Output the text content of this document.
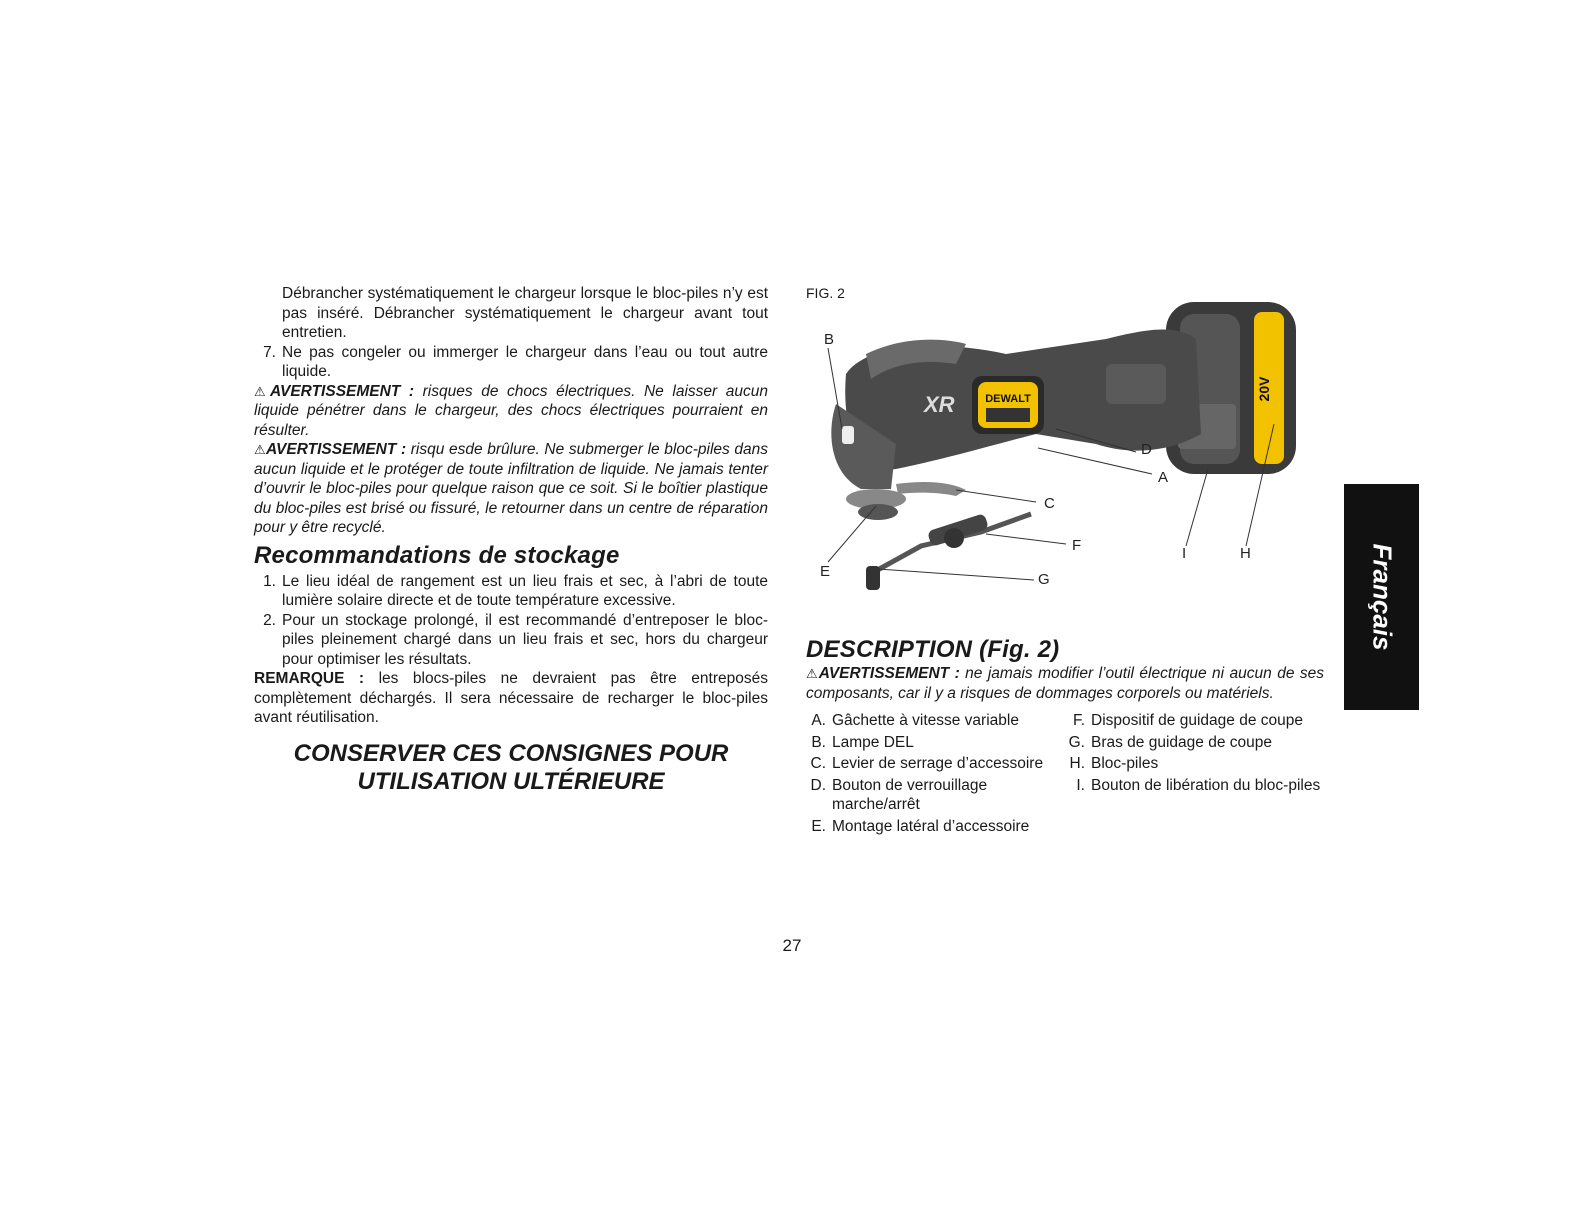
Débrancher systématiquement le chargeur lorsque le bloc-piles n’y est pas inséré. Débrancher systématiquement le chargeur avant tout entretien.

7. Ne pas congeler ou immerger le chargeur dans l’eau ou tout autre liquide.

⚠AVERTISSEMENT : risques de chocs électriques. Ne laisser aucun liquide pénétrer dans le chargeur, des chocs électriques pourraient en résulter.

⚠AVERTISSEMENT : risqu esde brûlure. Ne submerger le bloc-piles dans aucun liquide et le protéger de toute infiltration de liquide. Ne jamais tenter d’ouvrir le bloc-piles pour quelque raison que ce soit. Si le boîtier plastique du bloc-piles est brisé ou fissuré, le retourner dans un centre de réparation pour y être recyclé.

Recommandations de stockage
1. Le lieu idéal de rangement est un lieu frais et sec, à l’abri de toute lumière solaire directe et de toute température excessive.
2. Pour un stockage prolongé, il est recommandé d’entreposer le bloc-piles pleinement chargé dans un lieu frais et sec, hors du chargeur pour optimiser les résultats.

REMARQUE : les blocs-piles ne devraient pas être entreposés complètement déchargés. Il sera nécessaire de recharger le bloc-piles avant réutilisation.

CONSERVER CES CONSIGNES POUR
UTILISATION ULTÉRIEURE
FIG. 2
20V
DEWALT
XR
B
D
A
C
F
E	G
I	H
DESCRIPTION (Fig. 2)

⚠AVERTISSEMENT : ne jamais modifier l’outil électrique ni aucun de ses composants, car il y a risques de dommages corporels ou matériels.

A. Gâchette à vitesse variable
B. Lampe DEL
C. Levier de serrage d’accessoire
D. Bouton de verrouillage marche/arrêt
E. Montage latéral d’accessoire
F. Dispositif de guidage de coupe
G. Bras de guidage de coupe
H. Bloc-piles
I. Bouton de libération du bloc-piles
Français
27
